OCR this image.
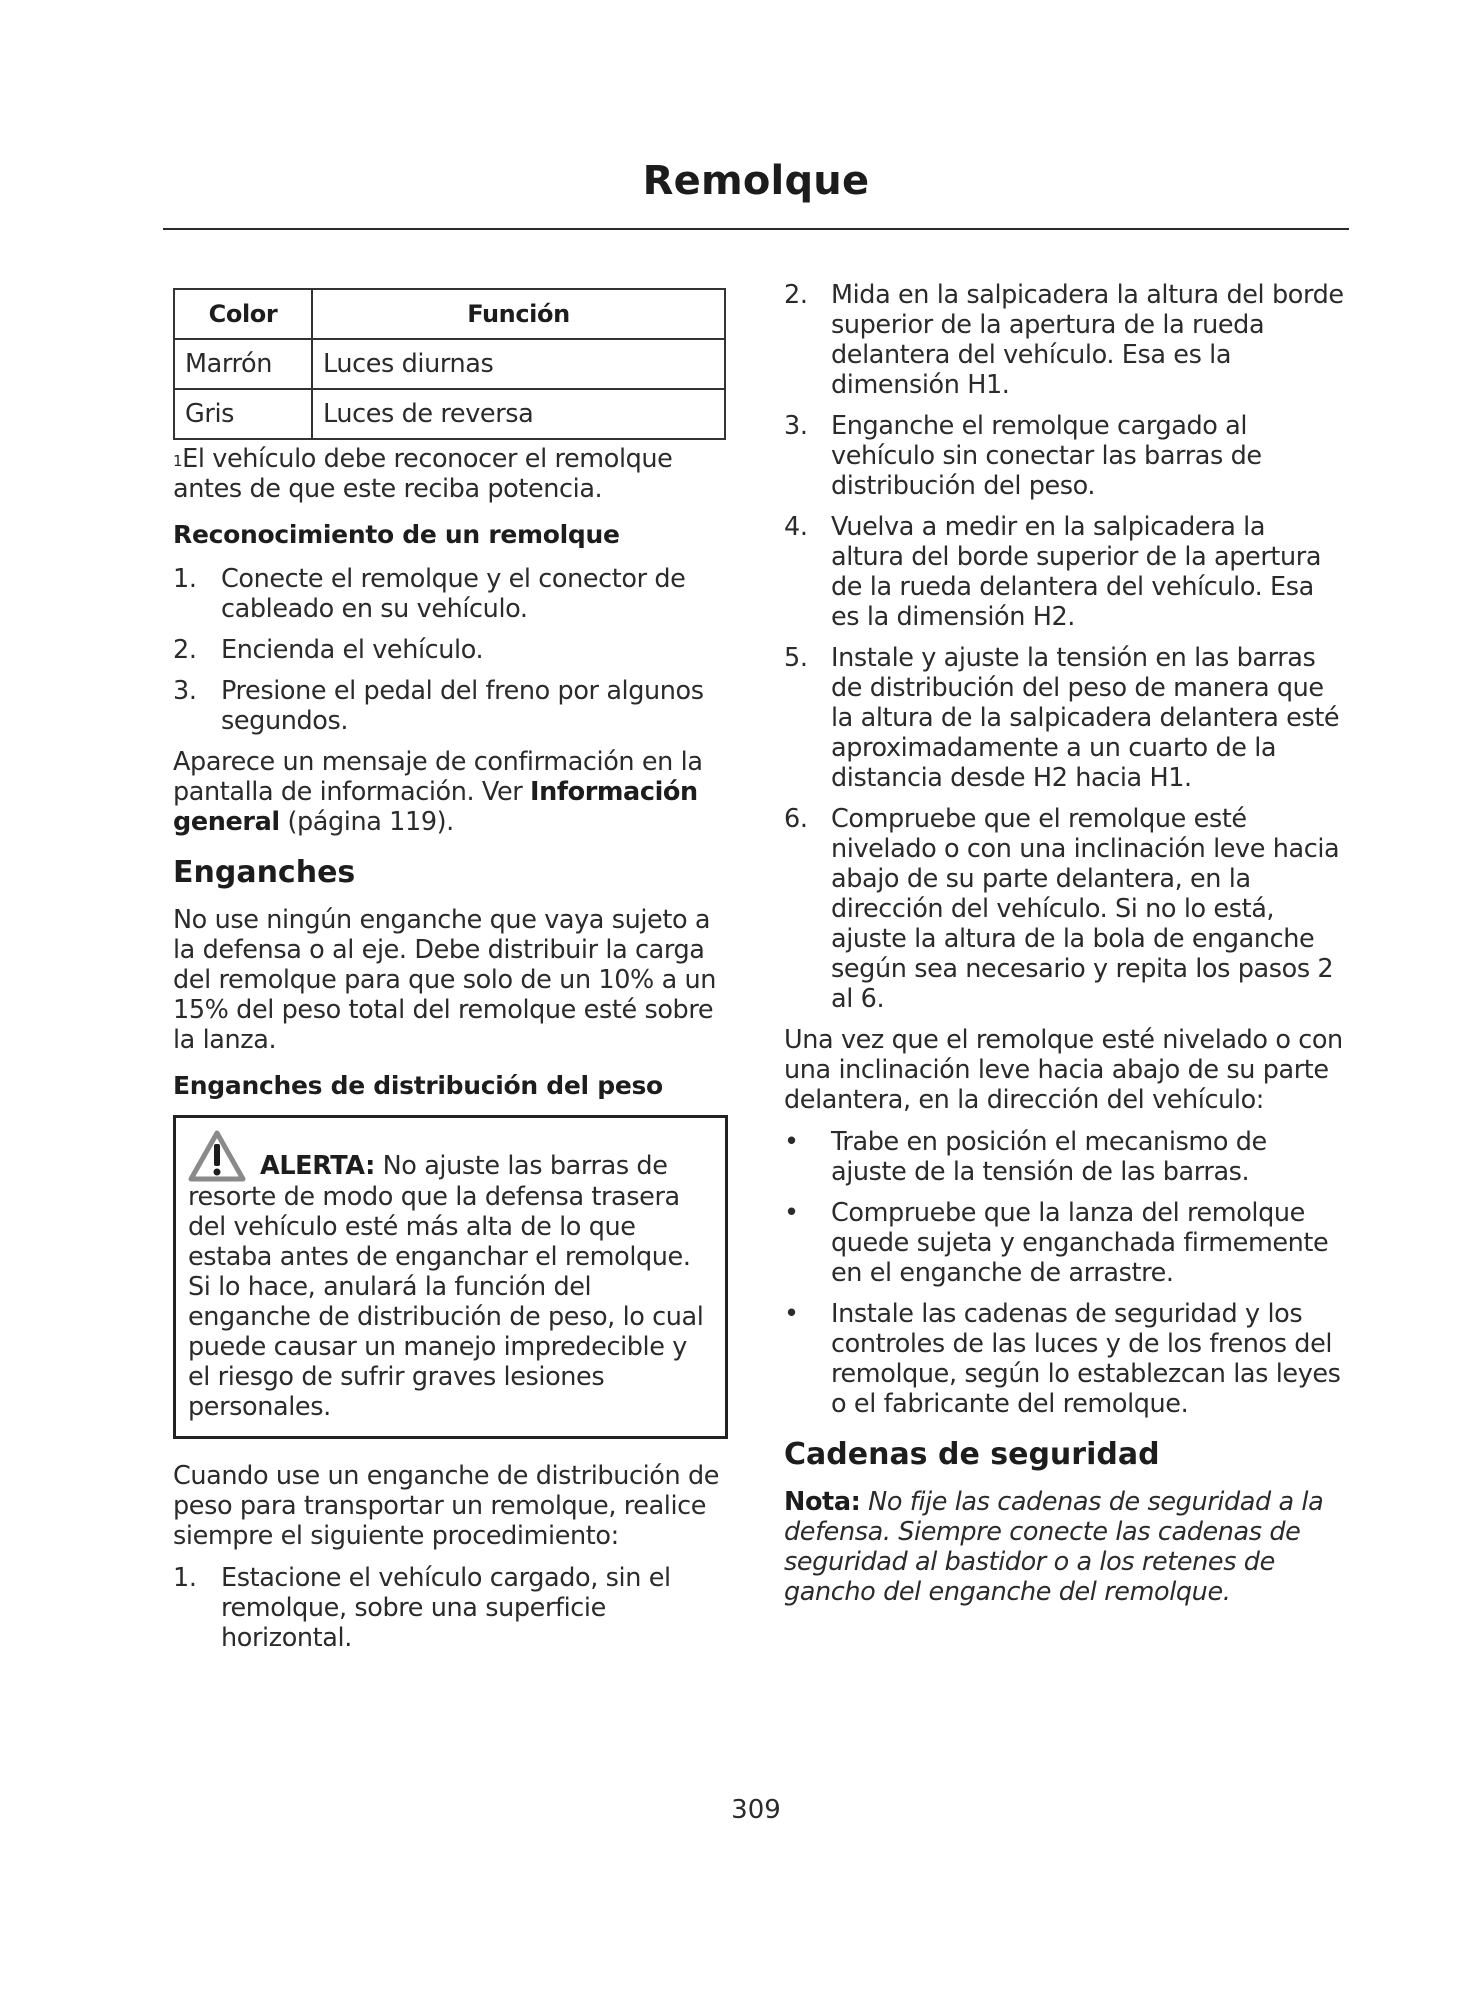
Remolque
Color	Función
Marrón	Luces diurnas
Gris	Luces de reversa

$^1$El vehículo debe reconocer el remolque antes de que este reciba potencia.

Reconocimiento de un remolque
1. Conecte el remolque y el conector de cableado en su vehículo.
2. Encienda el vehículo.
3. Presione el pedal del freno por algunos segundos.

Aparece un mensaje de confirmación en la pantalla de información. Ver Información general (página 119).

Enganches

No use ningún enganche que vaya sujeto a la defensa o al eje. Debe distribuir la carga del remolque para que solo de un 10% a un 15% del peso total del remolque esté sobre la lanza.

Enganches de distribución del peso
ALERTA: No ajuste las barras de resorte de modo que la defensa trasera del vehículo esté más alta de lo que estaba antes de enganchar el remolque. Si lo hace, anulará la función del enganche de distribución de peso, lo cual puede causar un manejo impredecible y el riesgo de sufrir graves lesiones personales.

Cuando use un enganche de distribución de peso para transportar un remolque, realice siempre el siguiente procedimiento:

1. Estacione el vehículo cargado, sin el remolque, sobre una superficie horizontal.
2. Mida en la salpicadera la altura del borde superior de la apertura de la rueda delantera del vehículo. Esa es la dimensión H1.
3. Enganche el remolque cargado al vehículo sin conectar las barras de distribución del peso.
4. Vuelva a medir en la salpicadera la altura del borde superior de la apertura de la rueda delantera del vehículo. Esa es la dimensión H2.
5. Instale y ajuste la tensión en las barras de distribución del peso de manera que la altura de la salpicadera delantera esté aproximadamente a un cuarto de la distancia desde H2 hacia H1.
6. Compruebe que el remolque esté nivelado o con una inclinación leve hacia abajo de su parte delantera, en la dirección del vehículo. Si no lo está, ajuste la altura de la bola de enganche según sea necesario y repita los pasos 2 al 6.

Una vez que el remolque esté nivelado o con una inclinación leve hacia abajo de su parte delantera, en la dirección del vehículo:

• Trabe en posición el mecanismo de ajuste de la tensión de las barras.
• Compruebe que la lanza del remolque quede sujeta y enganchada firmemente en el enganche de arrastre.
• Instale las cadenas de seguridad y los controles de las luces y de los frenos del remolque, según lo establezcan las leyes o el fabricante del remolque.
Cadenas de seguridad

Nota: No fije las cadenas de seguridad a la defensa. Siempre conecte las cadenas de seguridad al bastidor o a los retenes de gancho del enganche del remolque.

309
